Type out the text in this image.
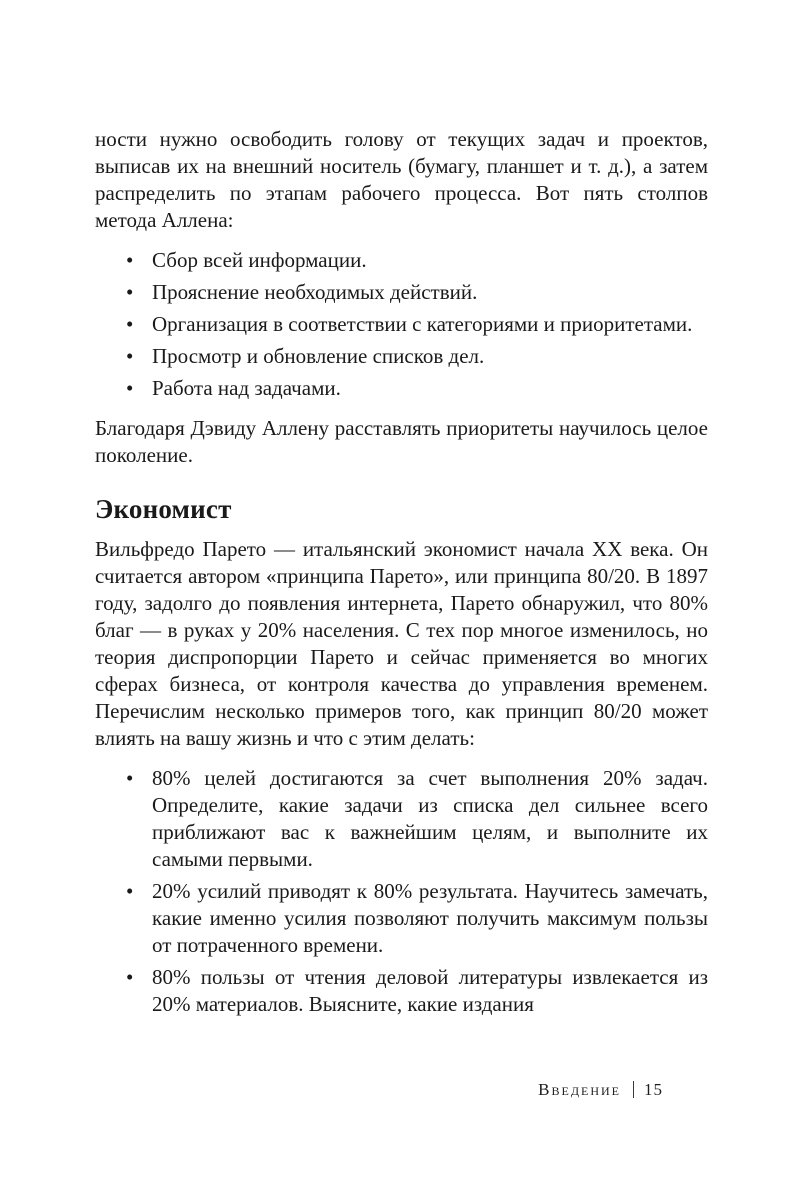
ности нужно освободить голову от текущих задач и проектов, выписав их на внешний носитель (бумагу, планшет и т. д.), а затем распределить по этапам рабочего процесса. Вот пять столпов метода Аллена:

• Сбор всей информации.
• Прояснение необходимых действий.
• Организация в соответствии с категориями и приоритетами.
• Просмотр и обновление списков дел.
• Работа над задачами.

Благодаря Дэвиду Аллену расставлять приоритеты научилось целое поколение.

Экономист

Вильфредо Парето — итальянский экономист начала XX века. Он считается автором «принципа Парето», или принципа 80/20. В 1897 году, задолго до появления интернета, Парето обнаружил, что 80% благ — в руках у 20% населения. С тех пор многое изменилось, но теория диспропорции Парето и сейчас применяется во многих сферах бизнеса, от контроля качества до управления временем. Перечислим несколько примеров того, как принцип 80/20 может влиять на вашу жизнь и что с этим делать:

• 80% целей достигаются за счет выполнения 20% задач. Определите, какие задачи из списка дел сильнее всего приближают вас к важнейшим целям, и выполните их самыми первыми.
• 20% усилий приводят к 80% результата. Научитесь замечать, какие именно усилия позволяют получить максимум пользы от потраченного времени.
• 80% пользы от чтения деловой литературы извлекается из 20% материалов. Выясните, какие издания
Введение 15
